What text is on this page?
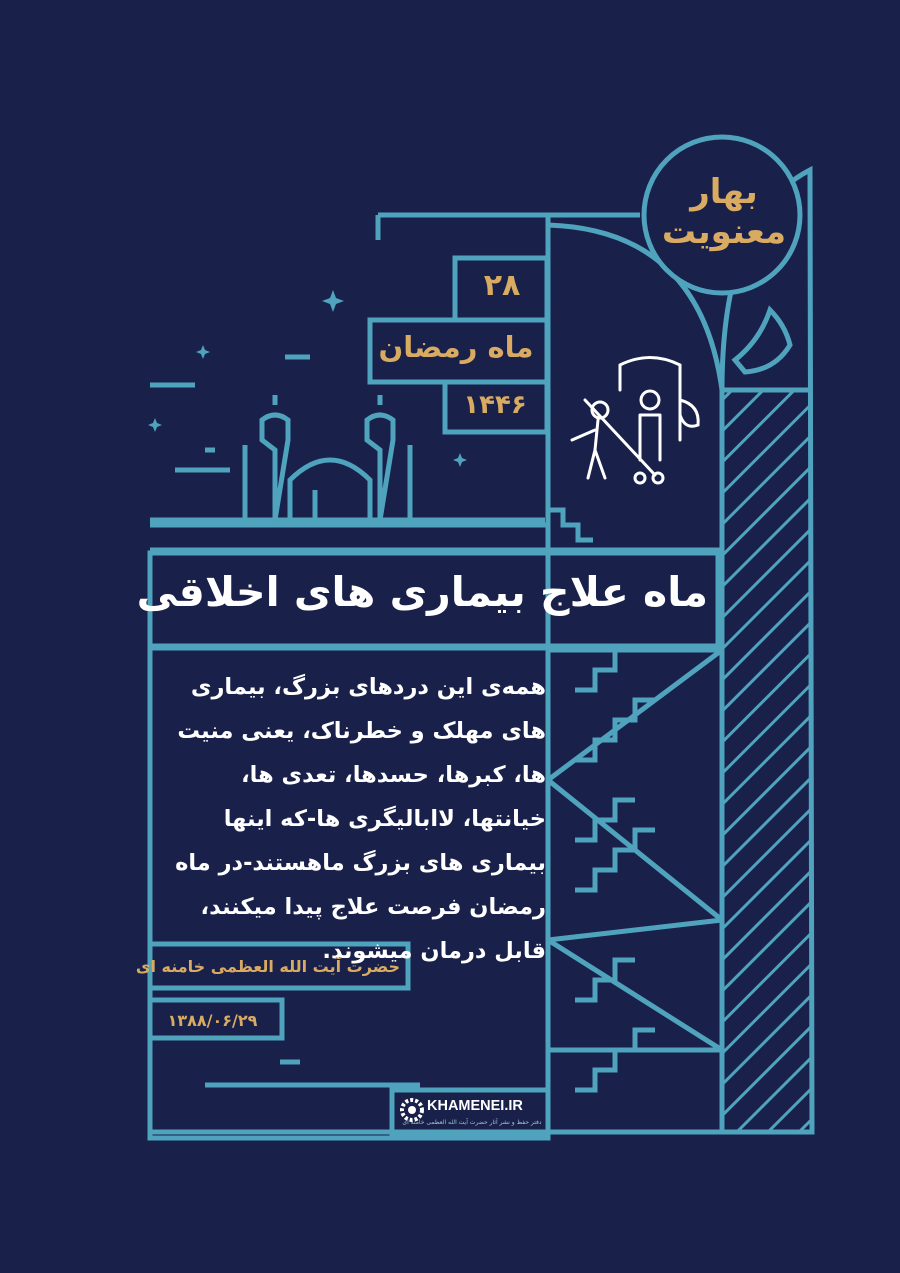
بهار معنویت
۲۸
ماه رمضان
۱۴۴۶
ماه علاج بیماری های اخلاقی
همه‌ی این دردهای بزرگ، بیماری های مهلک و خطرناک، یعنی منیت ها، کبرها، حسدها، تعدی ها، خیانتها، لاابالیگری ها-که اینها بیماری های بزرگ ماهستند-در ماه رمضان فرصت علاج پیدا میکنند، قابل درمان میشوند.
حضرت آیت الله العظمی خامنه ای
۱۳۸۸/۰۶/۲۹
KHAMENEI.IR
دفتر حفظ و نشر آثار حضرت آیت الله العظمی خامنه ای
